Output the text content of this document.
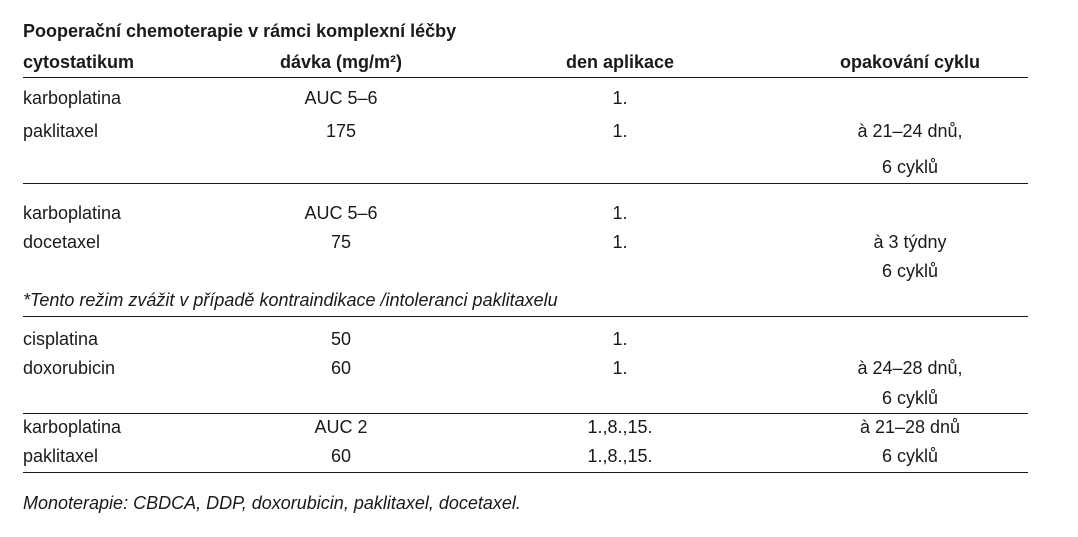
Pooperační chemoterapie v rámci komplexní léčby
cytostatikum	dávka (mg/m²)	den aplikace	opakování cyklu
karboplatina	AUC 5–6	1.
paklitaxel	175	1.	à 21–24 dnů,
6 cyklů
karboplatina	AUC 5–6	1.
docetaxel	75	1.	à 3 týdny
6 cyklů
*Tento režim zvážit v případě kontraindikace /intoleranci paklitaxelu
cisplatina	50	1.
doxorubicin	60	1.	à 24–28 dnů,
6 cyklů
karboplatina	AUC 2	1.,8.,15.	à 21–28 dnů
paklitaxel	60	1.,8.,15.	6 cyklů
Monoterapie: CBDCA, DDP, doxorubicin, paklitaxel, docetaxel.
